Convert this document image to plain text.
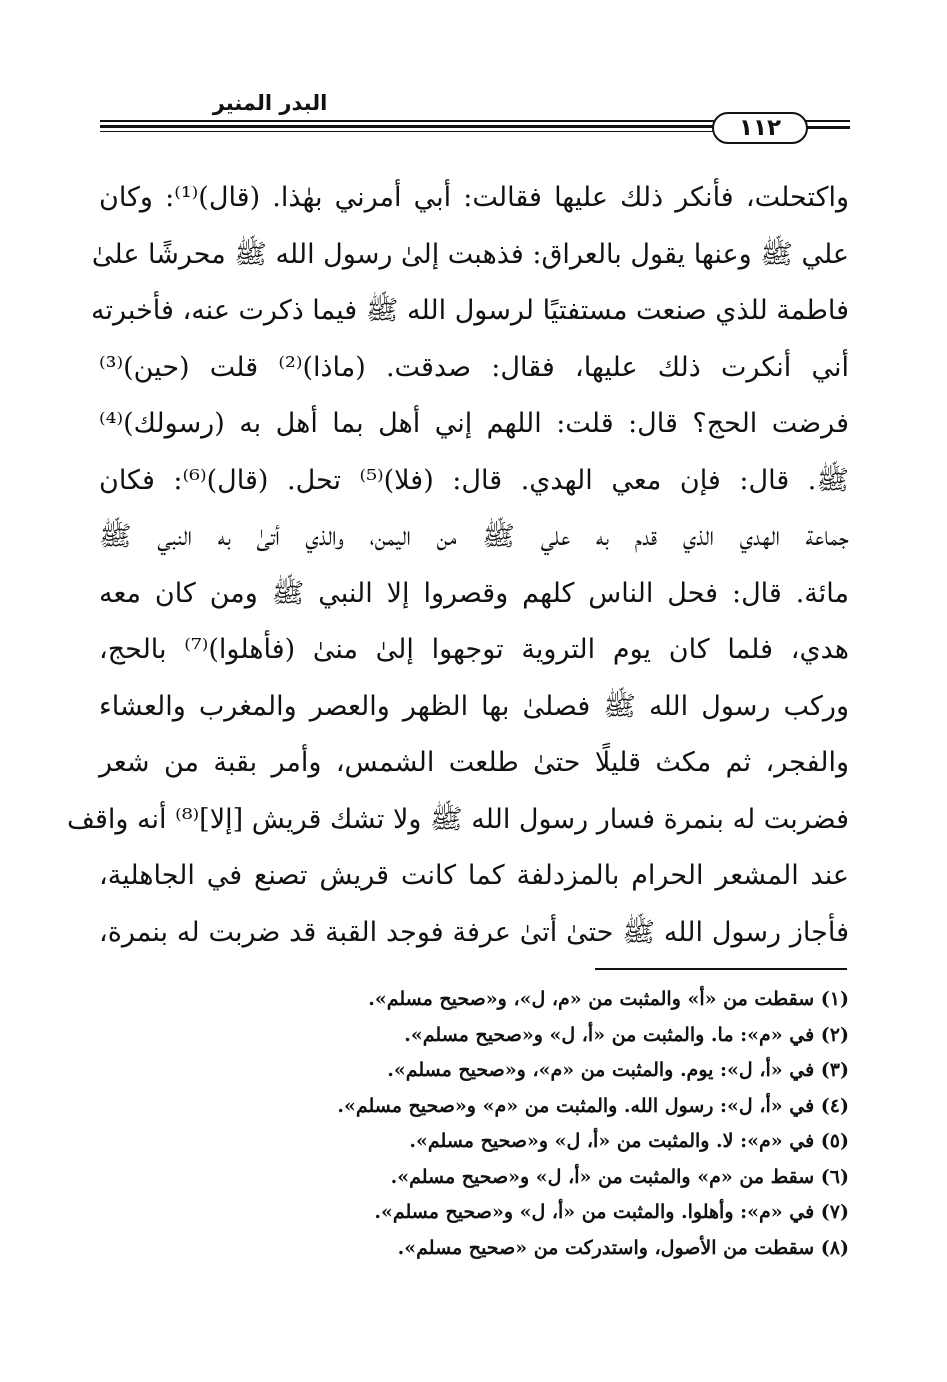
البدر المنير
١١٢
واكتحلت، فأنكر ذلك عليها فقالت: أبي أمرني بهٰذا. (قال)⁽¹⁾: وكان
علي ﷺ وعنها يقول بالعراق: فذهبت إلىٰ رسول الله ﷺ محرشًا علىٰ
فاطمة للذي صنعت مستفتيًا لرسول الله ﷺ فيما ذكرت عنه، فأخبرته
أني أنكرت ذلك عليها، فقال: صدقت. (ماذا)⁽²⁾ قلت (حين)⁽³⁾
فرضت الحج؟ قال: قلت: اللهم إني أهل بما أهل به (رسولك)⁽⁴⁾
ﷺ. قال: فإن معي الهدي. قال: (فلا)⁽⁵⁾ تحل. (قال)⁽⁶⁾: فكان
جماعة الهدي الذي قدم به علي ﷺ من اليمن، والذي أتىٰ به النبي ﷺ
مائة. قال: فحل الناس كلهم وقصروا إلا النبي ﷺ ومن كان معه
هدي، فلما كان يوم التروية توجهوا إلىٰ منىٰ (فأهلوا)⁽⁷⁾ بالحج،
وركب رسول الله ﷺ فصلىٰ بها الظهر والعصر والمغرب والعشاء
والفجر، ثم مكث قليلًا حتىٰ طلعت الشمس، وأمر بقبة من شعر
فضربت له بنمرة فسار رسول الله ﷺ ولا تشك قريش [إلا]⁽⁸⁾ أنه واقف
عند المشعر الحرام بالمزدلفة كما كانت قريش تصنع في الجاهلية،
فأجاز رسول الله ﷺ حتىٰ أتىٰ عرفة فوجد القبة قد ضربت له بنمرة،
(١) سقطت من «أ» والمثبت من «م، ل»، و«صحيح مسلم».
(٢) في «م»: ما. والمثبت من «أ، ل» و«صحيح مسلم».
(٣) في «أ، ل»: يوم. والمثبت من «م»، و«صحيح مسلم».
(٤) في «أ، ل»: رسول الله. والمثبت من «م» و«صحيح مسلم».
(٥) في «م»: لا. والمثبت من «أ، ل» و«صحيح مسلم».
(٦) سقط من «م» والمثبت من «أ، ل» و«صحيح مسلم».
(٧) في «م»: وأهلوا. والمثبت من «أ، ل» و«صحيح مسلم».
(٨) سقطت من الأصول، واستدركت من «صحيح مسلم».
